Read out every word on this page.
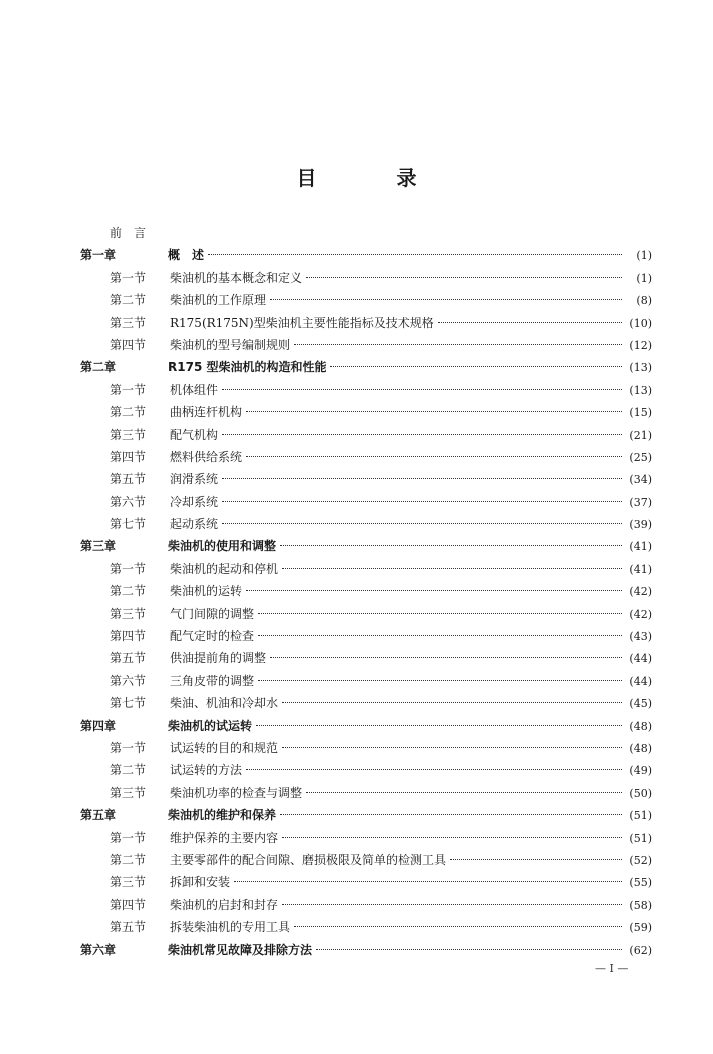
目　录
前言
第一章	概　述	(1)
第一节	柴油机的基本概念和定义	(1)
第二节	柴油机的工作原理	(8)
第三节	R175(R175N)型柴油机主要性能指标及技术规格	(10)
第四节	柴油机的型号编制规则	(12)
第二章	R175 型柴油机的构造和性能	(13)
第一节	机体组件	(13)
第二节	曲柄连杆机构	(15)
第三节	配气机构	(21)
第四节	燃料供给系统	(25)
第五节	润滑系统	(34)
第六节	冷却系统	(37)
第七节	起动系统	(39)
第三章	柴油机的使用和调整	(41)
第一节	柴油机的起动和停机	(41)
第二节	柴油机的运转	(42)
第三节	气门间隙的调整	(42)
第四节	配气定时的检查	(43)
第五节	供油提前角的调整	(44)
第六节	三角皮带的调整	(44)
第七节	柴油、机油和冷却水	(45)
第四章	柴油机的试运转	(48)
第一节	试运转的目的和规范	(48)
第二节	试运转的方法	(49)
第三节	柴油机功率的检查与调整	(50)
第五章	柴油机的维护和保养	(51)
第一节	维护保养的主要内容	(51)
第二节	主要零部件的配合间隙、磨损极限及简单的检测工具	(52)
第三节	拆卸和安装	(55)
第四节	柴油机的启封和封存	(58)
第五节	拆装柴油机的专用工具	(59)
第六章	柴油机常见故障及排除方法	(62)
— I —
